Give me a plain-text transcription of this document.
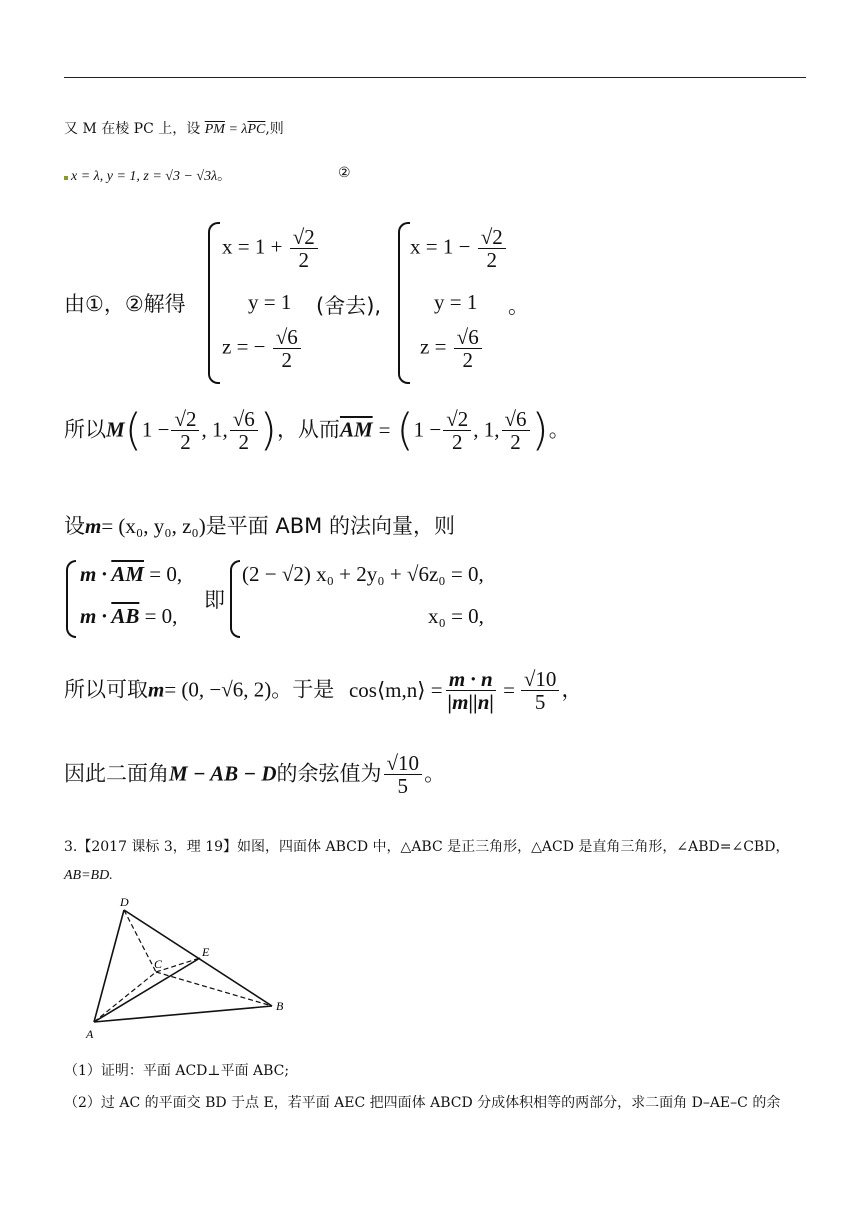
又 M 在棱 PC 上，设 $\overline{PM} = \lambda\overline{PC}$,则
x = λ, y = 1, z = √3 − √3λ。	②
由①，②解得
$x = 1 + \frac{√2}{2}$
y = 1
z = − $\frac{√6}{2}$
(舍去),
$x = 1 - \frac{√2}{2}$
y = 1
$z = \frac{√6}{2}$
。
所以$M(1 - \frac{√2}{2}$ , 1, $\frac{√6}{2}$ )，从而$\overline{AM} = (1 - \frac{√2}{2}$ , 1, $\frac{√6}{2}$ )。
设m= (x₀, y₀, z₀)是平面 ABM 的法向量，则
$m \cdot \overline{AM} = 0$,
$m \cdot \overline{AB} = 0$,
即
(2 − √2) x₀ + 2y₀ + √6z₀ = 0,
x₀ = 0,
所以可取m= (0, −√6, 2)。于是 cos⟨m,n⟩ = $\frac{m \cdot n}{|m||n|} = \frac{√10}{5}$ ，
因此二面角M − AB − D的余弦值为 $\frac{√10}{5}$ 。
3.【2017 课标 3，理 19】如图，四面体 ABCD 中，△ABC 是正三角形，△ACD 是直角三角形，∠ABD=∠CBD，
AB=BD.
D
E
C
B
A
（1）证明：平面 ACD⊥平面 ABC;
（2）过 AC 的平面交 BD 于点 E，若平面 AEC 把四面体 ABCD 分成体积相等的两部分，求二面角 D–AE–C 的余
